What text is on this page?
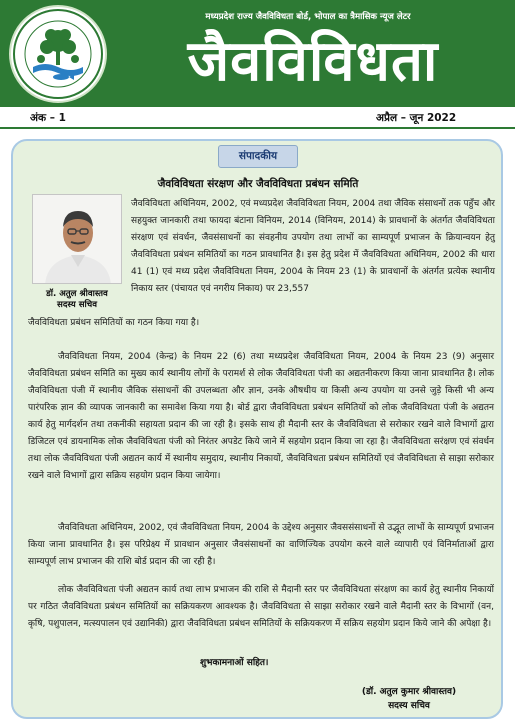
मध्यप्रदेश राज्य जैवविविधता बोर्ड, भोपाल का त्रैमासिक न्यूज लेटर
जैवविविधता
अंक – 1	अप्रैल – जून 2022
संपादकीय
जैवविविधता संरक्षण और जैवविविधता प्रबंधन समिति
डॉ. अतुल श्रीवास्तव
सदस्य सचिव

जैवविविधता अधिनियम, 2002, एवं मध्यप्रदेश जैवविविधता नियम, 2004 तथा जैविक संसाधनों तक पहुँच और सहयुक्त जानकारी तथा फायदा बंटाना विनियम, 2014 (विनियम, 2014) के प्रावधानों के अंतर्गत जैवविविधता संरक्षण एवं संवर्धन, जैवसंसाधनों का संवहनीय उपयोग तथा लाभों का साम्यपूर्ण प्रभाजन के क्रियान्वयन हेतु जैवविविधता प्रबंधन समितियों का गठन प्रावधानित है। इस हेतु प्रदेश में जैवविविधता अधिनियम, 2002 की धारा 41 (1) एवं मध्य प्रदेश जैवविविधता नियम, 2004 के नियम 23 (1) के प्रावधानों के अंतर्गत प्रत्येक स्थानीय निकाय स्तर (पंचायत एवं नगरीय निकाय) पर 23,557

जैवविविधता प्रबंधन समितियों का गठन किया गया है।

जैवविविधता नियम, 2004 (केन्द्र) के नियम 22 (6) तथा मध्यप्रदेश जैवविविधता नियम, 2004 के नियम 23 (9) अनुसार जैवविविधता प्रबंधन समिति का मुख्य कार्य स्थानीय लोगों के परामर्श से लोक जैवविविधता पंजी का अद्यतनीकरण किया जाना प्रावधानित है। लोक जैवविविधता पंजी में स्थानीय जैविक संसाधनों की उपलब्धता और ज्ञान, उनके औषधीय या किसी अन्य उपयोग या उनसे जुड़े किसी भी अन्य पारंपरिक ज्ञान की व्यापक जानकारी का समावेश किया गया है। बोर्ड द्वारा जैवविविधता प्रबंधन समितियों को लोक जैवविविधता पंजी के अद्यतन कार्य हेतु मार्गदर्शन तथा तकनीकी सहायता प्रदान की जा रही है। इसके साथ ही मैदानी स्तर के जैवविविधता से सरोकार रखने वाले विभागों द्वारा डिजिटल एवं डायनामिक लोक जैवविविधता पंजी को निरंतर अपडेट किये जाने में सहयोग प्रदान किया जा रहा है। जैवविविधता सरंक्षण एवं संवर्धन तथा लोक जैवविविधता पंजी अद्यतन कार्य में स्थानीय समुदाय, स्थानीय निकायों, जैवविविधता प्रबंधन समितियों एवं जैवविविधता से साझा सरोकार रखने वाले विभागों द्वारा सक्रिय सहयोग प्रदान किया जायेगा।

जैवविविधता अधिनियम, 2002, एवं जैवविविधता नियम, 2004 के उद्देश्य अनुसार जैवससंसाधनों से उद्भूत लाभों के साम्यपूर्ण प्रभाजन किया जाना प्रावधानित है। इस परिप्रेक्ष्य में प्रावधान अनुसार जैवसंसाधनों का वाणिज्यिक उपयोग करने वाले व्यापारी एवं विनिर्माताओं द्वारा साम्यपूर्ण लाभ प्रभाजन की राशि बोर्ड प्रदान की जा रही है।

लोक जैवविविधता पंजी अद्यतन कार्य तथा लाभ प्रभाजन की राशि से मैदानी स्तर पर जैवविविधता संरक्षण का कार्य हेतु स्थानीय निकायों पर गठित जैवविविधता प्रबंधन समितियों का सक्रियकरण आवश्यक है। जैवविविधता से साझा सरोकार रखने वाले मैदानी स्तर के विभागों (वन, कृषि, पशुपालन, मत्स्यपालन एवं उद्यानिकी) द्वारा जैवविविधता प्रबंधन समितियों के सक्रियकरण में सक्रिय सहयोग प्रदान किये जाने की अपेक्षा है।

शुभकामनाओं सहित।
(डॉ. अतुल कुमार श्रीवास्तव)
सदस्य सचिव
